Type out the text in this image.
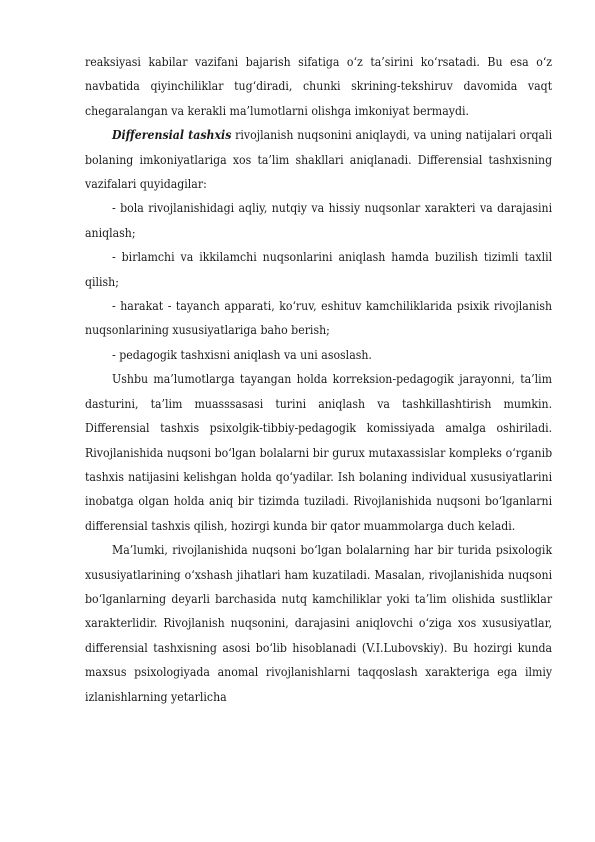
reaksiyasi kabilar vazifani bajarish sifatiga o‘z ta’sirini ko‘rsatadi. Bu esa o‘z navbatida qiyinchiliklar tug‘diradi, chunki skrining-tekshiruv davomida vaqt chegaralangan va kerakli ma’lumotlarni olishga imkoniyat bermaydi.

Differensial tashxis rivojlanish nuqsonini aniqlaydi, va uning natijalari orqali bolaning imkoniyatlariga xos ta’lim shakllari aniqlanadi. Differensial tashxisning vazifalari quyidagilar:

- bola rivojlanishidagi aqliy, nutqiy va hissiy nuqsonlar xarakteri va darajasini aniqlash;

- birlamchi va ikkilamchi nuqsonlarini aniqlash hamda buzilish tizimli taxlil qilish;

- harakat - tayanch apparati, ko‘ruv, eshituv kamchiliklarida psixik rivojlanish nuqsonlarining xususiyatlariga baho berish;

- pedagogik tashxisni aniqlash va uni asoslash.

Ushbu ma’lumotlarga tayangan holda korreksion-pedagogik jarayonni, ta’lim dasturini, ta’lim muasssasasi turini aniqlash va tashkillashtirish mumkin. Differensial tashxis psixolgik-tibbiy-pedagogik komissiyada amalga oshiriladi. Rivojlanishida nuqsoni bo‘lgan bolalarni bir gurux mutaxassislar kompleks o‘rganib tashxis natijasini kelishgan holda qo‘yadilar. Ish bolaning individual xususiyatlarini inobatga olgan holda aniq bir tizimda tuziladi. Rivojlanishida nuqsoni bo‘lganlarni differensial tashxis qilish, hozirgi kunda bir qator muammolarga duch keladi.

Ma’lumki, rivojlanishida nuqsoni bo‘lgan bolalarning har bir turida psixologik xususiyatlarining o‘xshash jihatlari ham kuzatiladi. Masalan, rivojlanishida nuqsoni bo‘lganlarning deyarli barchasida nutq kamchiliklar yoki ta’lim olishida sustliklar xarakterlidir. Rivojlanish nuqsonini, darajasini aniqlovchi o‘ziga xos xususiyatlar, differensial tashxisning asosi bo‘lib hisoblanadi (V.I.Lubovskiy). Bu hozirgi kunda maxsus psixologiyada anomal rivojlanishlarni taqqoslash xarakteriga ega ilmiy izlanishlarning yetarlicha
